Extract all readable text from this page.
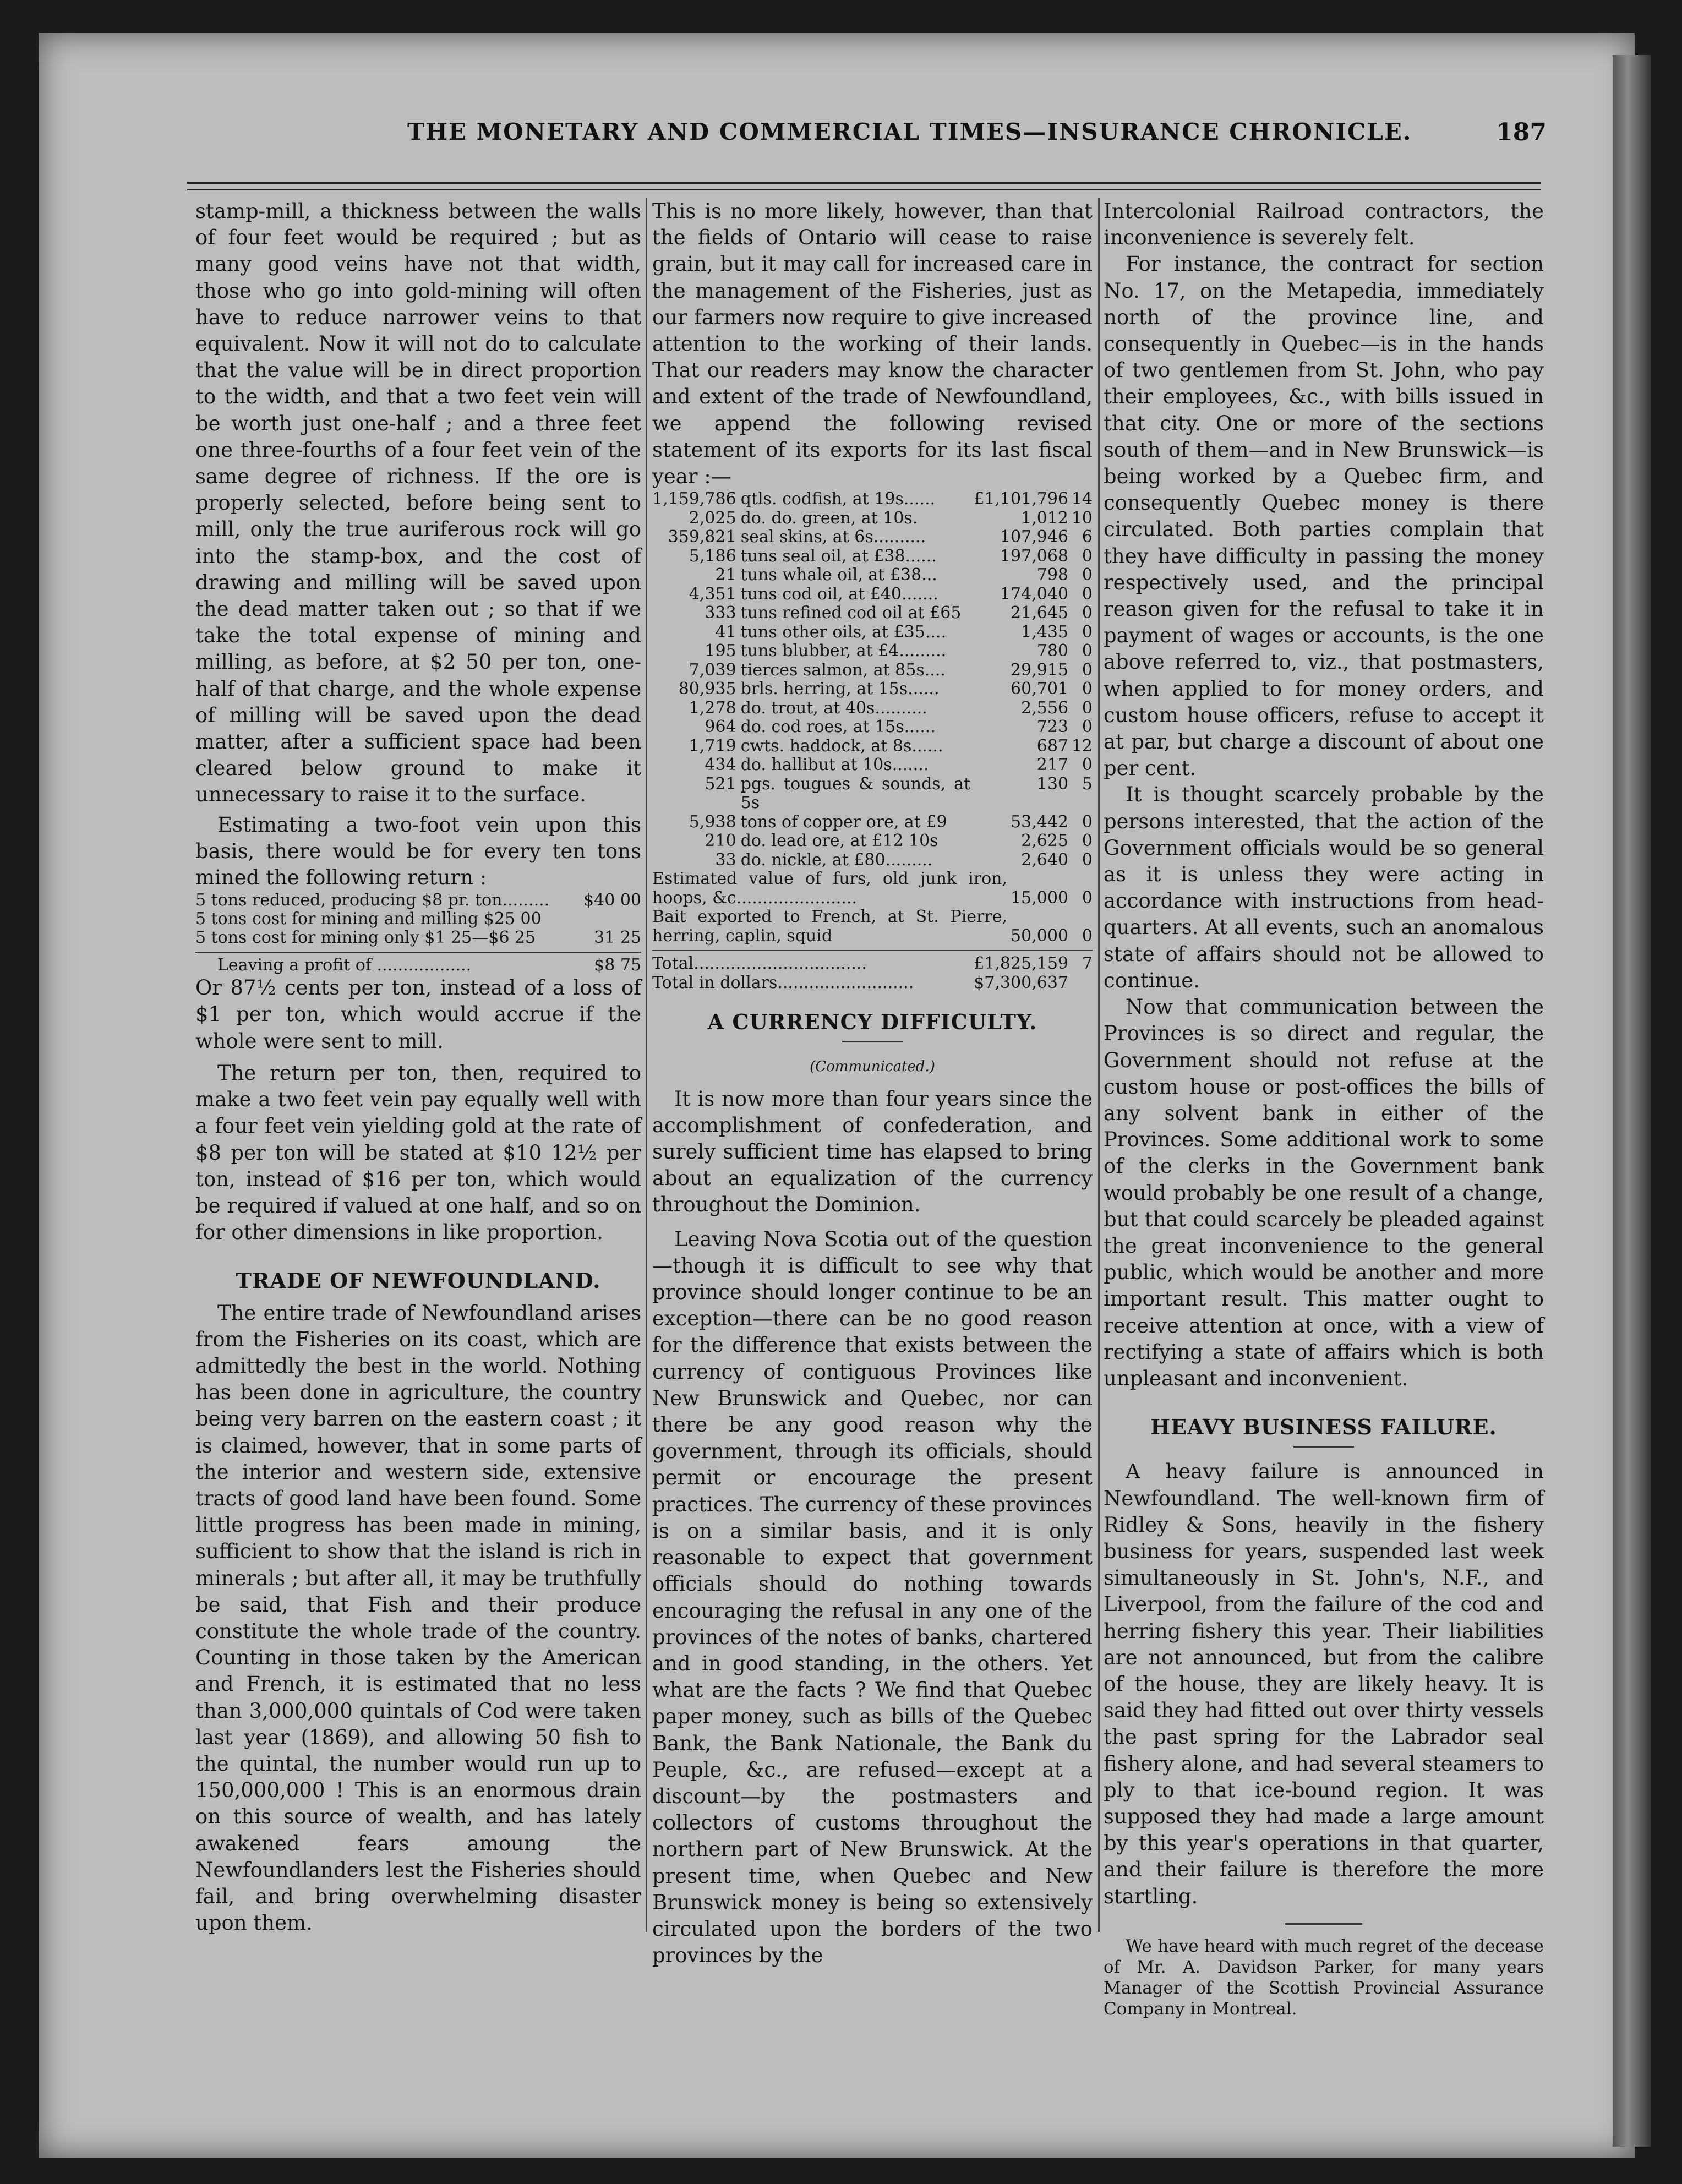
THE MONETARY AND COMMERCIAL TIMES—INSURANCE CHRONICLE.	187

stamp-mill, a thickness between the walls of four feet would be required ; but as many good veins have not that width, those who go into gold-mining will often have to reduce narrower veins to that equivalent. Now it will not do to calculate that the value will be in direct proportion to the width, and that a two feet vein will be worth just one-half ; and a three feet one three-fourths of a four feet vein of the same degree of richness. If the ore is properly selected, before being sent to mill, only the true auriferous rock will go into the stamp-box, and the cost of drawing and milling will be saved upon the dead matter taken out ; so that if we take the total expense of mining and milling, as before, at $2 50 per ton, one-half of that charge, and the whole expense of milling will be saved upon the dead matter, after a sufficient space had been cleared below ground to make it unnecessary to raise it to the surface.

Estimating a two-foot vein upon this basis, there would be for every ten tons mined the following return :

5 tons reduced, producing $8 pr. ton.........	$40 00
5 tons cost for mining and milling $25 00	
5 tons cost for mining only $1 25—$6 25	31 25
Leaving a profit of ..................	$8 75

Or 87½ cents per ton, instead of a loss of $1 per ton, which would accrue if the whole were sent to mill.

The return per ton, then, required to make a two feet vein pay equally well with a four feet vein yielding gold at the rate of $8 per ton will be stated at $10 12½ per ton, instead of $16 per ton, which would be required if valued at one half, and so on for other dimensions in like proportion.

TRADE OF NEWFOUNDLAND.

The entire trade of Newfoundland arises from the Fisheries on its coast, which are admittedly the best in the world. Nothing has been done in agriculture, the country being very barren on the eastern coast ; it is claimed, however, that in some parts of the interior and western side, extensive tracts of good land have been found. Some little progress has been made in mining, sufficient to show that the island is rich in minerals ; but after all, it may be truthfully be said, that Fish and their produce constitute the whole trade of the country. Counting in those taken by the American and French, it is estimated that no less than 3,000,000 quintals of Cod were taken last year (1869), and allowing 50 fish to the quintal, the number would run up to 150,000,000 ! This is an enormous drain on this source of wealth, and has lately awakened fears amoung the Newfoundlanders lest the Fisheries should fail, and bring overwhelming disaster upon them.

This is no more likely, however, than that the fields of Ontario will cease to raise grain, but it may call for increased care in the management of the Fisheries, just as our farmers now require to give increased attention to the working of their lands. That our readers may know the character and extent of the trade of Newfoundland, we append the following revised statement of its exports for its last fiscal year :—

1,159,786	qtls. codfish, at 19s......	£1,101,796	14
2,025	do. do. green, at 10s.	1,012	10
359,821	seal skins, at 6s..........	107,946	6
5,186	tuns seal oil, at £38......	197,068	0
21	tuns whale oil, at £38...	798	0
4,351	tuns cod oil, at £40.......	174,040	0
333	tuns refined cod oil at £65	21,645	0
41	tuns other oils, at £35....	1,435	0
195	tuns blubber, at £4.........	780	0
7,039	tierces salmon, at 85s....	29,915	0
80,935	brls. herring, at 15s......	60,701	0
1,278	do. trout, at 40s..........	2,556	0
964	do. cod roes, at 15s......	723	0
1,719	cwts. haddock, at 8s......	687	12
434	do. hallibut at 10s.......	217	0
521	pgs. tougues & sounds, at 5s	130	5
5,938	tons of copper ore, at £9	53,442	0
210	do. lead ore, at £12 10s	2,625	0
33	do. nickle, at £80.........	2,640	0
Estimated value of furs, old junk iron, hoops, &c.......................	15,000	0
Bait exported to French, at St. Pierre, herring, caplin, squid	50,000	0
Total.................................	£1,825,159	7
Total in dollars..........................	$7,300,637	
A CURRENCY DIFFICULTY.
(Communicated.)

It is now more than four years since the accomplishment of confederation, and surely sufficient time has elapsed to bring about an equalization of the currency throughout the Dominion.

Leaving Nova Scotia out of the question—though it is difficult to see why that province should longer continue to be an exception—there can be no good reason for the difference that exists between the currency of contiguous Provinces like New Brunswick and Quebec, nor can there be any good reason why the government, through its officials, should permit or encourage the present practices. The currency of these provinces is on a similar basis, and it is only reasonable to expect that government officials should do nothing towards encouraging the refusal in any one of the provinces of the notes of banks, chartered and in good standing, in the others. Yet what are the facts ? We find that Quebec paper money, such as bills of the Quebec Bank, the Bank Nationale, the Bank du Peuple, &c., are refused—except at a discount—by the postmasters and collectors of customs throughout the northern part of New Brunswick. At the present time, when Quebec and New Brunswick money is being so extensively circulated upon the borders of the two provinces by the

Intercolonial Railroad contractors, the inconvenience is severely felt.

For instance, the contract for section No. 17, on the Metapedia, immediately north of the province line, and consequently in Quebec—is in the hands of two gentlemen from St. John, who pay their employees, &c., with bills issued in that city. One or more of the sections south of them—and in New Brunswick—is being worked by a Quebec firm, and consequently Quebec money is there circulated. Both parties complain that they have difficulty in passing the money respectively used, and the principal reason given for the refusal to take it in payment of wages or accounts, is the one above referred to, viz., that postmasters, when applied to for money orders, and custom house officers, refuse to accept it at par, but charge a discount of about one per cent.

It is thought scarcely probable by the persons interested, that the action of the Government officials would be so general as it is unless they were acting in accordance with instructions from head-quarters. At all events, such an anomalous state of affairs should not be allowed to continue.

Now that communication between the Provinces is so direct and regular, the Government should not refuse at the custom house or post-offices the bills of any solvent bank in either of the Provinces. Some additional work to some of the clerks in the Government bank would probably be one result of a change, but that could scarcely be pleaded against the great inconvenience to the general public, which would be another and more important result. This matter ought to receive attention at once, with a view of rectifying a state of affairs which is both unpleasant and inconvenient.

HEAVY BUSINESS FAILURE.

A heavy failure is announced in Newfoundland. The well-known firm of Ridley & Sons, heavily in the fishery business for years, suspended last week simultaneously in St. John's, N.F., and Liverpool, from the failure of the cod and herring fishery this year. Their liabilities are not announced, but from the calibre of the house, they are likely heavy. It is said they had fitted out over thirty vessels the past spring for the Labrador seal fishery alone, and had several steamers to ply to that ice-bound region. It was supposed they had made a large amount by this year's operations in that quarter, and their failure is therefore the more startling.

We have heard with much regret of the decease of Mr. A. Davidson Parker, for many years Manager of the Scottish Provincial Assurance Company in Montreal.
